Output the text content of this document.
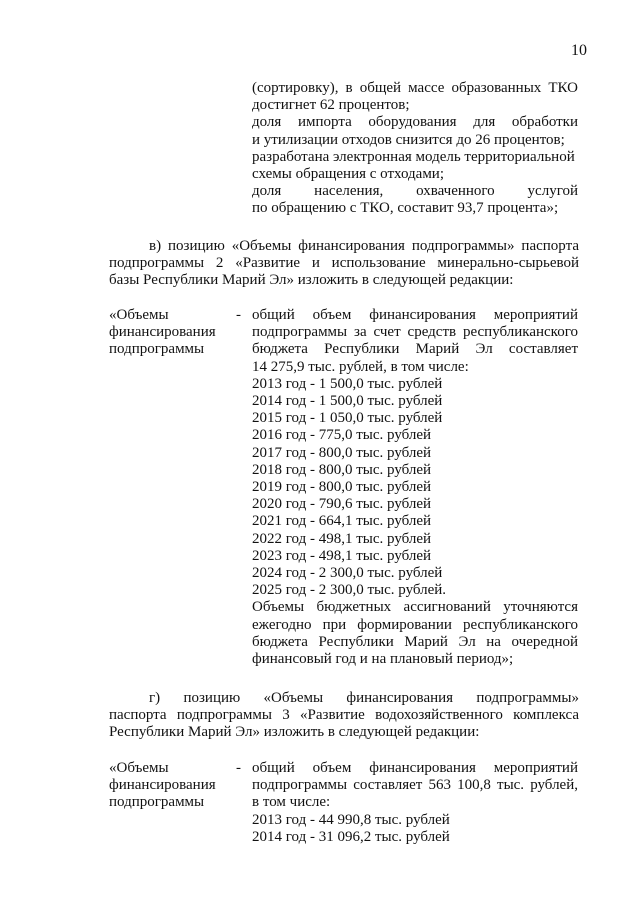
10
(сортировку), в общей массе образованных ТКО
достигнет 62 процентов;
доля импорта оборудования для обработки
и утилизации отходов снизится до 26 процентов;
разработана электронная модель территориальной
схемы обращения с отходами;
доля населения, охваченного услугой
по обращению с ТКО, составит 93,7 процента»;
в) позицию «Объемы финансирования подпрограммы» паспорта
подпрограммы 2 «Развитие и использование минерально-сырьевой
базы Республики Марий Эл» изложить в следующей редакции:
«Объемы
финансирования
подпрограммы
- общий объем финансирования мероприятий
подпрограммы за счет средств республиканского
бюджета Республики Марий Эл составляет
14 275,9 тыс. рублей, в том числе:
2013 год - 1 500,0 тыс. рублей
2014 год - 1 500,0 тыс. рублей
2015 год - 1 050,0 тыс. рублей
2016 год - 775,0 тыс. рублей
2017 год - 800,0 тыс. рублей
2018 год - 800,0 тыс. рублей
2019 год - 800,0 тыс. рублей
2020 год - 790,6 тыс. рублей
2021 год - 664,1 тыс. рублей
2022 год - 498,1 тыс. рублей
2023 год - 498,1 тыс. рублей
2024 год - 2 300,0 тыс. рублей
2025 год - 2 300,0 тыс. рублей.
Объемы бюджетных ассигнований уточняются
ежегодно при формировании республиканского
бюджета Республики Марий Эл на очередной
финансовый год и на плановый период»;
г) позицию «Объемы финансирования подпрограммы»
паспорта подпрограммы 3 «Развитие водохозяйственного комплекса
Республики Марий Эл» изложить в следующей редакции:
«Объемы
финансирования
подпрограммы
- общий объем финансирования мероприятий
подпрограммы составляет 563 100,8 тыс. рублей,
в том числе:
2013 год - 44 990,8 тыс. рублей
2014 год - 31 096,2 тыс. рублей
